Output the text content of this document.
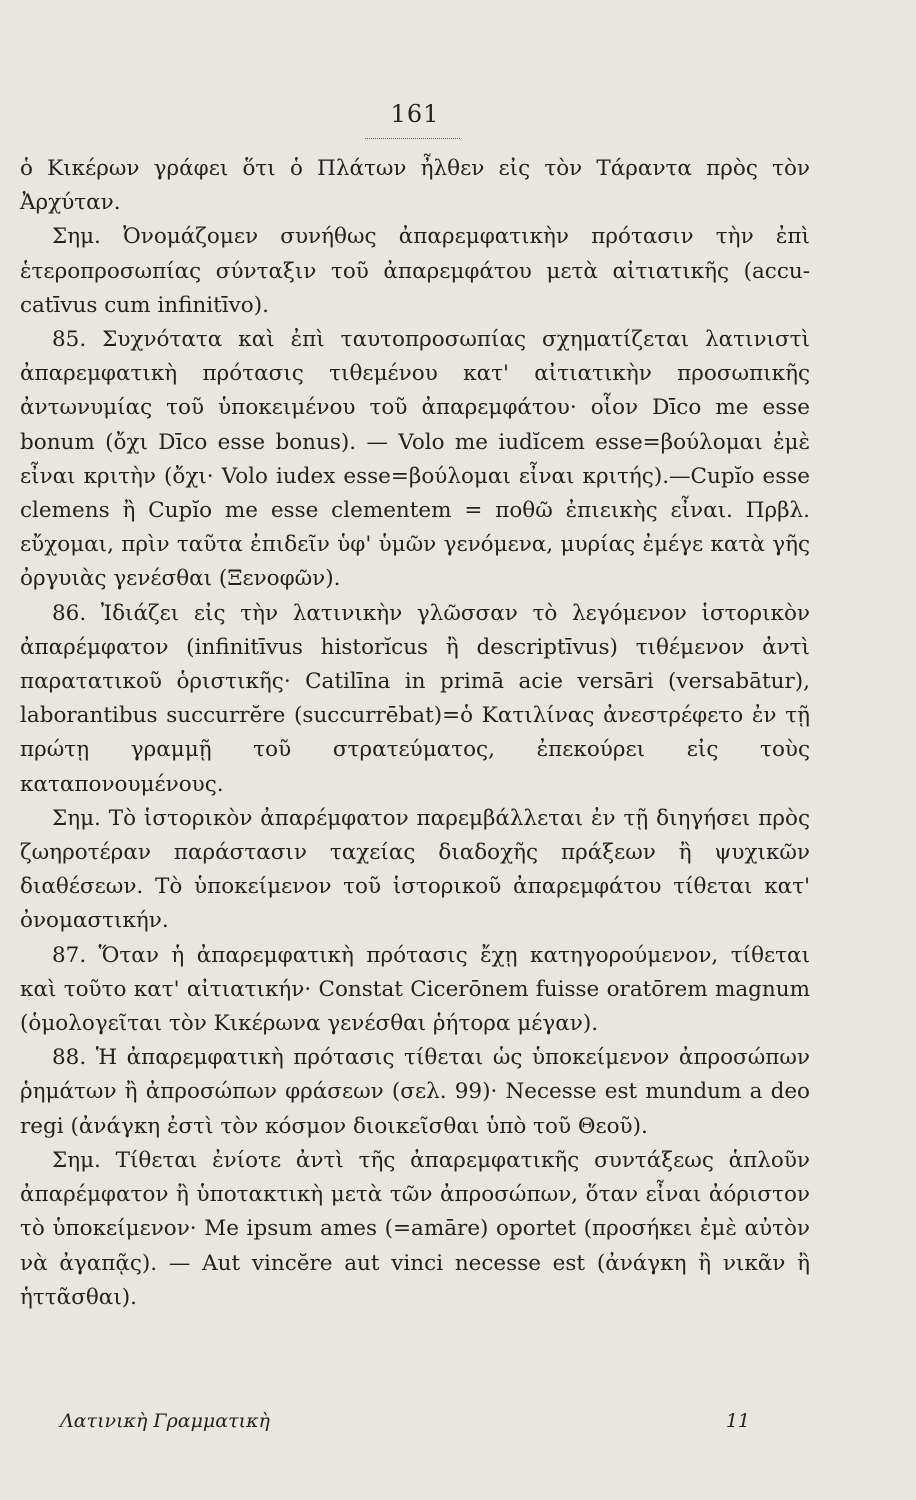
161

ὁ Κικέρων γράφει ὅτι ὁ Πλάτων ἦλθεν εἰς τὸν Τάραντα πρὸς τὸν Ἀρχύταν.

Σημ. Ὀνομάζομεν συνήθως ἀπαρεμφατικὴν πρότασιν τὴν ἐπὶ ἑτεροπροσωπίας σύνταξιν τοῦ ἀπαρεμφάτου μετὰ αἰτιατικῆς (accu-catīvus cum infinitīvo).

85. Συχνότατα καὶ ἐπὶ ταυτοπροσωπίας σχηματίζεται λατινιστὶ ἀπαρεμφατικὴ πρότασις τιθεμένου κατ' αἰτιατικὴν προσωπικῆς ἀντωνυμίας τοῦ ὑποκειμένου τοῦ ἀπαρεμφάτου· οἷον Dīco me esse bonum (ὄχι Dīco esse bonus). — Volo me iudĭcem esse=βούλομαι ἐμὲ εἶναι κριτὴν (ὄχι· Volo iudex esse=βούλομαι εἶναι κριτής).—Cupĭo esse clemens ἢ Cupĭo me esse clementem = ποθῶ ἐπιεικὴς εἶναι. Πρβλ. εὔχομαι, πρὶν ταῦτα ἐπιδεῖν ὑφ' ὑμῶν γενόμενα, μυρίας ἐμέγε κατὰ γῆς ὀργυιὰς γενέσθαι (Ξενοφῶν).

86. Ἰδιάζει εἰς τὴν λατινικὴν γλῶσσαν τὸ λεγόμενον ἱστορικὸν ἀπαρέμφατον (infinitīvus historĭcus ἢ descriptīvus) τιθέμενον ἀντὶ παρατατικοῦ ὁριστικῆς· Catilīna in primā acie versāri (versabātur), laborantibus succurrĕre (succurrēbat)=ὁ Κατιλίνας ἀνεστρέφετο ἐν τῇ πρώτῃ γραμμῇ τοῦ στρατεύματος, ἐπεκούρει εἰς τοὺς καταπονουμένους.

Σημ. Τὸ ἱστορικὸν ἀπαρέμφατον παρεμβάλλεται ἐν τῇ διηγήσει πρὸς ζωηροτέραν παράστασιν ταχείας διαδοχῆς πράξεων ἢ ψυχικῶν διαθέσεων. Τὸ ὑποκείμενον τοῦ ἱστορικοῦ ἀπαρεμφάτου τίθεται κατ' ὀνομαστικήν.

87. Ὅταν ἡ ἀπαρεμφατικὴ πρότασις ἔχῃ κατηγορούμενον, τίθεται καὶ τοῦτο κατ' αἰτιατικήν· Constat Cicerōnem fuisse oratōrem magnum (ὁμολογεῖται τὸν Κικέρωνα γενέσθαι ῥήτορα μέγαν).

88. Ἡ ἀπαρεμφατικὴ πρότασις τίθεται ὡς ὑποκείμενον ἀπροσώπων ῥημάτων ἢ ἀπροσώπων φράσεων (σελ. 99)· Necesse est mundum a deo regi (ἀνάγκη ἐστὶ τὸν κόσμον διοικεῖσθαι ὑπὸ τοῦ Θεοῦ).

Σημ. Τίθεται ἐνίοτε ἀντὶ τῆς ἀπαρεμφατικῆς συντάξεως ἁπλοῦν ἀπαρέμφατον ἢ ὑποτακτικὴ μετὰ τῶν ἀπροσώπων, ὅταν εἶναι ἀόριστον τὸ ὑποκείμενον· Me ipsum ames (=amāre) oportet (προσήκει ἐμὲ αὐτὸν νὰ ἀγαπᾷς). — Aut vincĕre aut vinci necesse est (ἀνάγκη ἢ νικᾶν ἢ ἡττᾶσθαι).

Λατινικὴ Γραμματικὴ	11
